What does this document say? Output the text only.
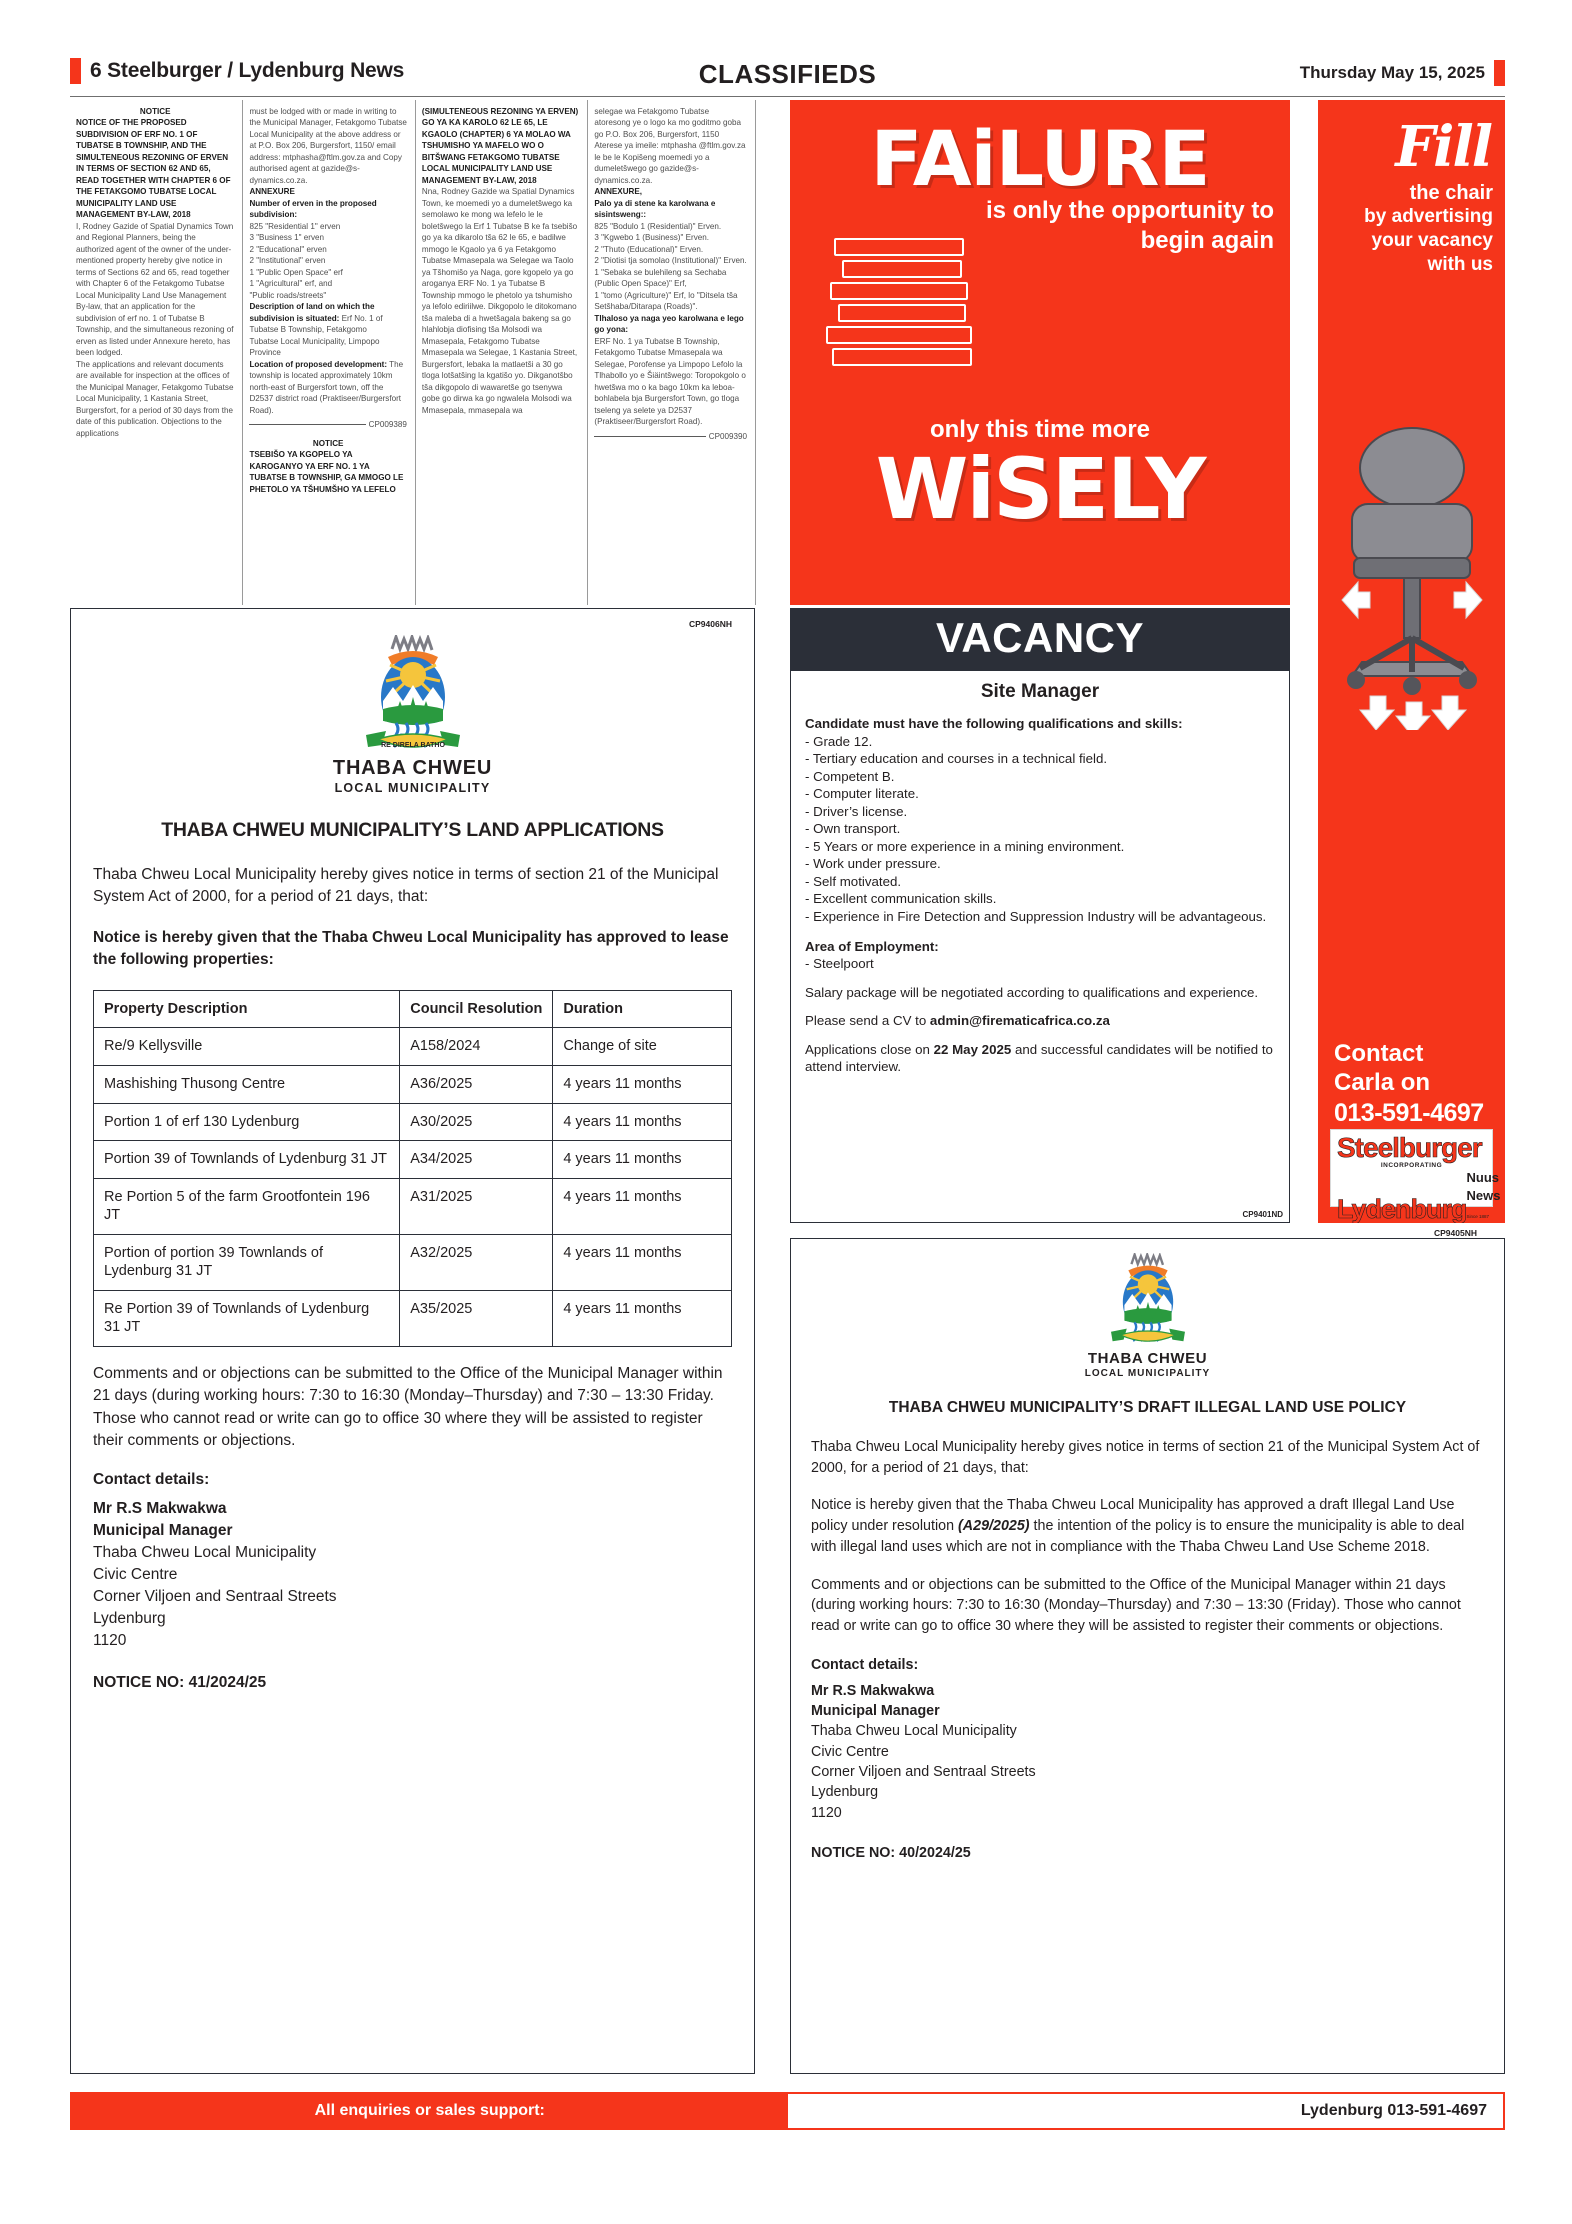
6 Steelburger / Lydenburg News	CLASSIFIEDS	Thursday May 15, 2025
NOTICE
NOTICE OF THE PROPOSED SUBDIVISION OF ERF NO. 1 OF TUBATSE B TOWNSHIP, AND THE SIMULTENEOUS REZONING OF ERVEN IN TERMS OF SECTION 62 AND 65, READ TOGETHER WITH CHAPTER 6 OF THE FETAKGOMO TUBATSE LOCAL MUNICIPALITY LAND USE MANAGEMENT BY-LAW, 2018
I, Rodney Gazide of Spatial Dynamics Town and Regional Planners, being the authorized agent of the owner of the under-mentioned property hereby give notice in terms of Sections 62 and 65, read together with Chapter 6 of the Fetakgomo Tubatse Local Municipality Land Use Management By-law, that an application for the subdivision of erf no. 1 of Tubatse B Township, and the simultaneous rezoning of erven as listed under Annexure hereto, has been lodged.
The applications and relevant documents are available for inspection at the offices of the Municipal Manager, Fetakgomo Tubatse Local Municipality, 1 Kastania Street, Burgersfort, for a period of 30 days from the date of this publication. Objections to the applications
must be lodged with or made in writing to the Municipal Manager, Fetakgomo Tubatse Local Municipality at the above address or at P.O. Box 206, Burgersfort, 1150/ email address: mtphasha@ftlm.gov.za and Copy authorised agent at gazide@s-dynamics.co.za.
ANNEXURE
Number of erven in the proposed subdivision:
825 "Residential 1" erven
3 "Business 1" erven
2 "Educational" erven
2 "Institutional" erven
1 "Public Open Space" erf
1 "Agricultural" erf, and
"Public roads/streets"
Description of land on which the subdivision is situated: Erf No. 1 of Tubatse B Township, Fetakgomo
Tubatse Local Municipality, Limpopo Province
Location of proposed development: The township is located approximately 10km north-east of Burgersfort town, off the D2537 district road (Praktiseer/Burgersfort Road).
CP009389
NOTICE
TSEBIŠO YA KGOPELO YA KAROGANYO YA ERF NO. 1 YA TUBATSE B TOWNSHIP, GA MMOGO LE PHETOLO YA TŠHUMŠHO YA LEFELO
(SIMULTENEOUS REZONING YA ERVEN) GO YA KA KAROLO 62 LE 65, LE KGAOLO (CHAPTER) 6 YA MOLAO WA TSHUMISHO YA MAFELO WO O BITŠWANG FETAKGOMO TUBATSE LOCAL MUNICIPALITY LAND USE MANAGEMENT BY-LAW, 2018
Nna, Rodney Gazide wa Spatial Dynamics Town, ke moemedi yo a dumeletšwego ka semolawo ke mong wa lefelo le le boletšwego la Erf 1 Tubatse B ke fa tsebišo go ya ka dikarolo tša 62 le 65, e badilwe mmogo le Kgaolo ya 6 ya Fetakgomo Tubatse Mmasepala wa Selegae wa Taolo ya Tšhomišo ya Naga, gore kgopelo ya go aroganya ERF No. 1 ya Tubatse B Township mmogo le phetolo ya tshumisho ya lefolo ediriilwe. Dikgopolo le ditokomano tša maleba di a hwetšagala bakeng sa go hlahlobja diofising tša Molsodi wa Mmasepala, Fetakgomo Tubatse Mmasepala wa Selegae, 1 Kastania Street, Burgersfort, lebaka la matlaetši a 30 go tloga lotšatšing la kgatišo yo. Dikganotšbo tša dikgopolo di wawaretše go tsenywa gobe go dirwa ka go ngwalela Molsodi wa Mmasepala, mmasepala wa
selegae wa Fetakgomo Tubatse atoresong ye o logo ka mo goditmo goba go P.O. Box 206, Burgersfort, 1150 Aterese ya imeile: mtphasha @ftlm.gov.za le be le Kopišeng moemedi yo a dumeletšwego go gazide@s-dynamics.co.za.
ANNEXURE,
Palo ya di stene ka karolwana e sisintsweng::
825 "Bodulo 1 (Residential)" Erven.
3 "Kgwebo 1 (Business)" Erven.
2 "Thuto (Educational)" Erven.
2 "Diotisi tja somolao (Institutional)" Erven.
1 "Sebaka se bulehileng sa Sechaba (Public Open Space)" Erf,
1 "tomo (Agriculture)" Erf, lo "Ditsela tša Setšhaba/Ditarapa (Roads)".
Tlhaloso ya naga yeo karolwana e lego go yona:
ERF No. 1 ya Tubatse B Township, Fetakgomo Tubatse Mmasepala wa Selegae, Porofense ya Limpopo Lefolo la Tlhabollo yo e Šiäintšwego: Toropokgolo o hwetšwa mo o ka bago 10km ka leboa- bohlabela bja Burgersfort Town, go tloga tseleng ya selete ya D2537 (Praktiseer/Burgersfort Road).
CP009390
FAiLURE
is only the opportunity to
begin again
only this time more
WiSELY
VACANCY
Site Manager
Candidate must have the following qualifications and skills:
- Grade 12.
- Tertiary education and courses in a technical field.
- Competent B.
- Computer literate.
- Driver’s license.
- Own transport.
- 5 Years or more experience in a mining environment.
- Work under pressure.
- Self motivated.
- Excellent communication skills.
- Experience in Fire Detection and Suppression Industry will be advantageous.

Area of Employment:

- Steelpoort

Salary package will be negotiated according to qualifications and experience.

Please send a CV to admin@firematicafrica.co.za

Applications close on 22 May 2025 and successful candidates will be notified to attend interview.

CP9401ND
Fill
the chair
by advertising
your vacancy
with us
Contact
Carla on
013-591-4697
Steelburger
INCORPORATING
Lydenburg
Nuus News Since 1887
CP9405NH
CP9406NH
RE DIRELA BATHO
THABA CHWEU
LOCAL MUNICIPALITY
THABA CHWEU MUNICIPALITY’S LAND APPLICATIONS
Thaba Chweu Local Municipality hereby gives notice in terms of section 21 of the Municipal System Act of 2000, for a period of 21 days, that:
Notice is hereby given that the Thaba Chweu Local Municipality has approved to lease the following properties:
Property Description	Council Resolution	Duration
Re/9 Kellysville	A158/2024	Change of site
Mashishing Thusong Centre	A36/2025	4 years 11 months
Portion 1 of erf 130 Lydenburg	A30/2025	4 years 11 months
Portion 39 of Townlands of Lydenburg 31 JT	A34/2025	4 years 11 months
Re Portion 5 of the farm Grootfontein 196 JT	A31/2025	4 years 11 months
Portion of portion 39 Townlands of Lydenburg 31 JT	A32/2025	4 years 11 months
Re Portion 39 of Townlands of Lydenburg 31 JT	A35/2025	4 years 11 months
Comments and or objections can be submitted to the Office of the Municipal Manager within 21 days (during working hours: 7:30 to 16:30 (Monday–Thursday) and 7:30 – 13:30 Friday. Those who cannot read or write can go to office 30 where they will be assisted to register their comments or objections.
Contact details:
Mr R.S Makwakwa
Municipal Manager
Thaba Chweu Local Municipality
Civic Centre
Corner Viljoen and Sentraal Streets
Lydenburg
1120
NOTICE NO: 41/2024/25
THABA CHWEU
LOCAL MUNICIPALITY
THABA CHWEU MUNICIPALITY’S DRAFT ILLEGAL LAND USE POLICY
Thaba Chweu Local Municipality hereby gives notice in terms of section 21 of the Municipal System Act of 2000, for a period of 21 days, that:
Notice is hereby given that the Thaba Chweu Local Municipality has approved a draft Illegal Land Use policy under resolution (A29/2025) the intention of the policy is to ensure the municipality is able to deal with illegal land uses which are not in compliance with the Thaba Chweu Land Use Scheme 2018.
Comments and or objections can be submitted to the Office of the Municipal Manager within 21 days (during working hours: 7:30 to 16:30 (Monday–Thursday) and 7:30 – 13:30 (Friday). Those who cannot read or write can go to office 30 where they will be assisted to register their comments or objections.
Contact details:
Mr R.S Makwakwa
Municipal Manager
Thaba Chweu Local Municipality
Civic Centre
Corner Viljoen and Sentraal Streets
Lydenburg
1120
NOTICE NO: 40/2024/25
All enquiries or sales support:	Lydenburg 013-591-4697
